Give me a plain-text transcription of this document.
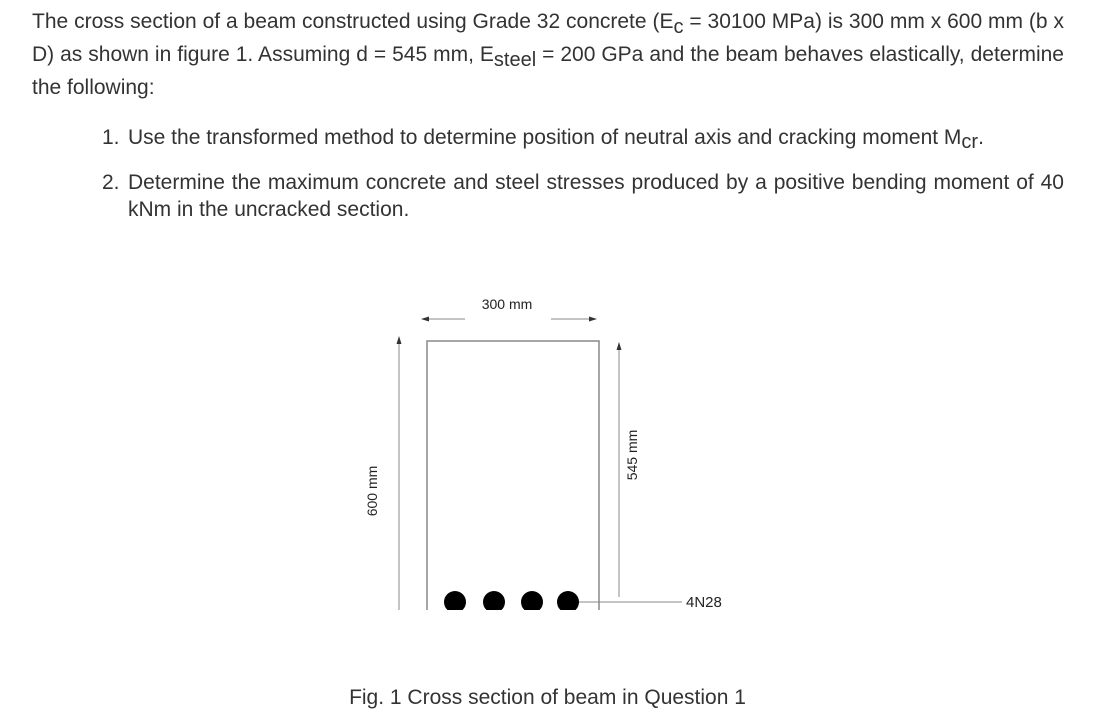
The cross section of a beam constructed using Grade 32 concrete ($E_c = 30100$ MPa) is 300 mm x 600 mm (b x D) as shown in figure 1. Assuming d = 545 mm, $E_{steel} = 200$ GPa and the beam behaves elastically, determine the following:

1. Use the transformed method to determine position of neutral axis and cracking moment $M_{cr}$.
2. Determine the maximum concrete and steel stresses produced by a positive bending moment of 40 kNm in the uncracked section.
300 mm
600 mm
545 mm
4N28

Fig. 1 Cross section of beam in Question 1
